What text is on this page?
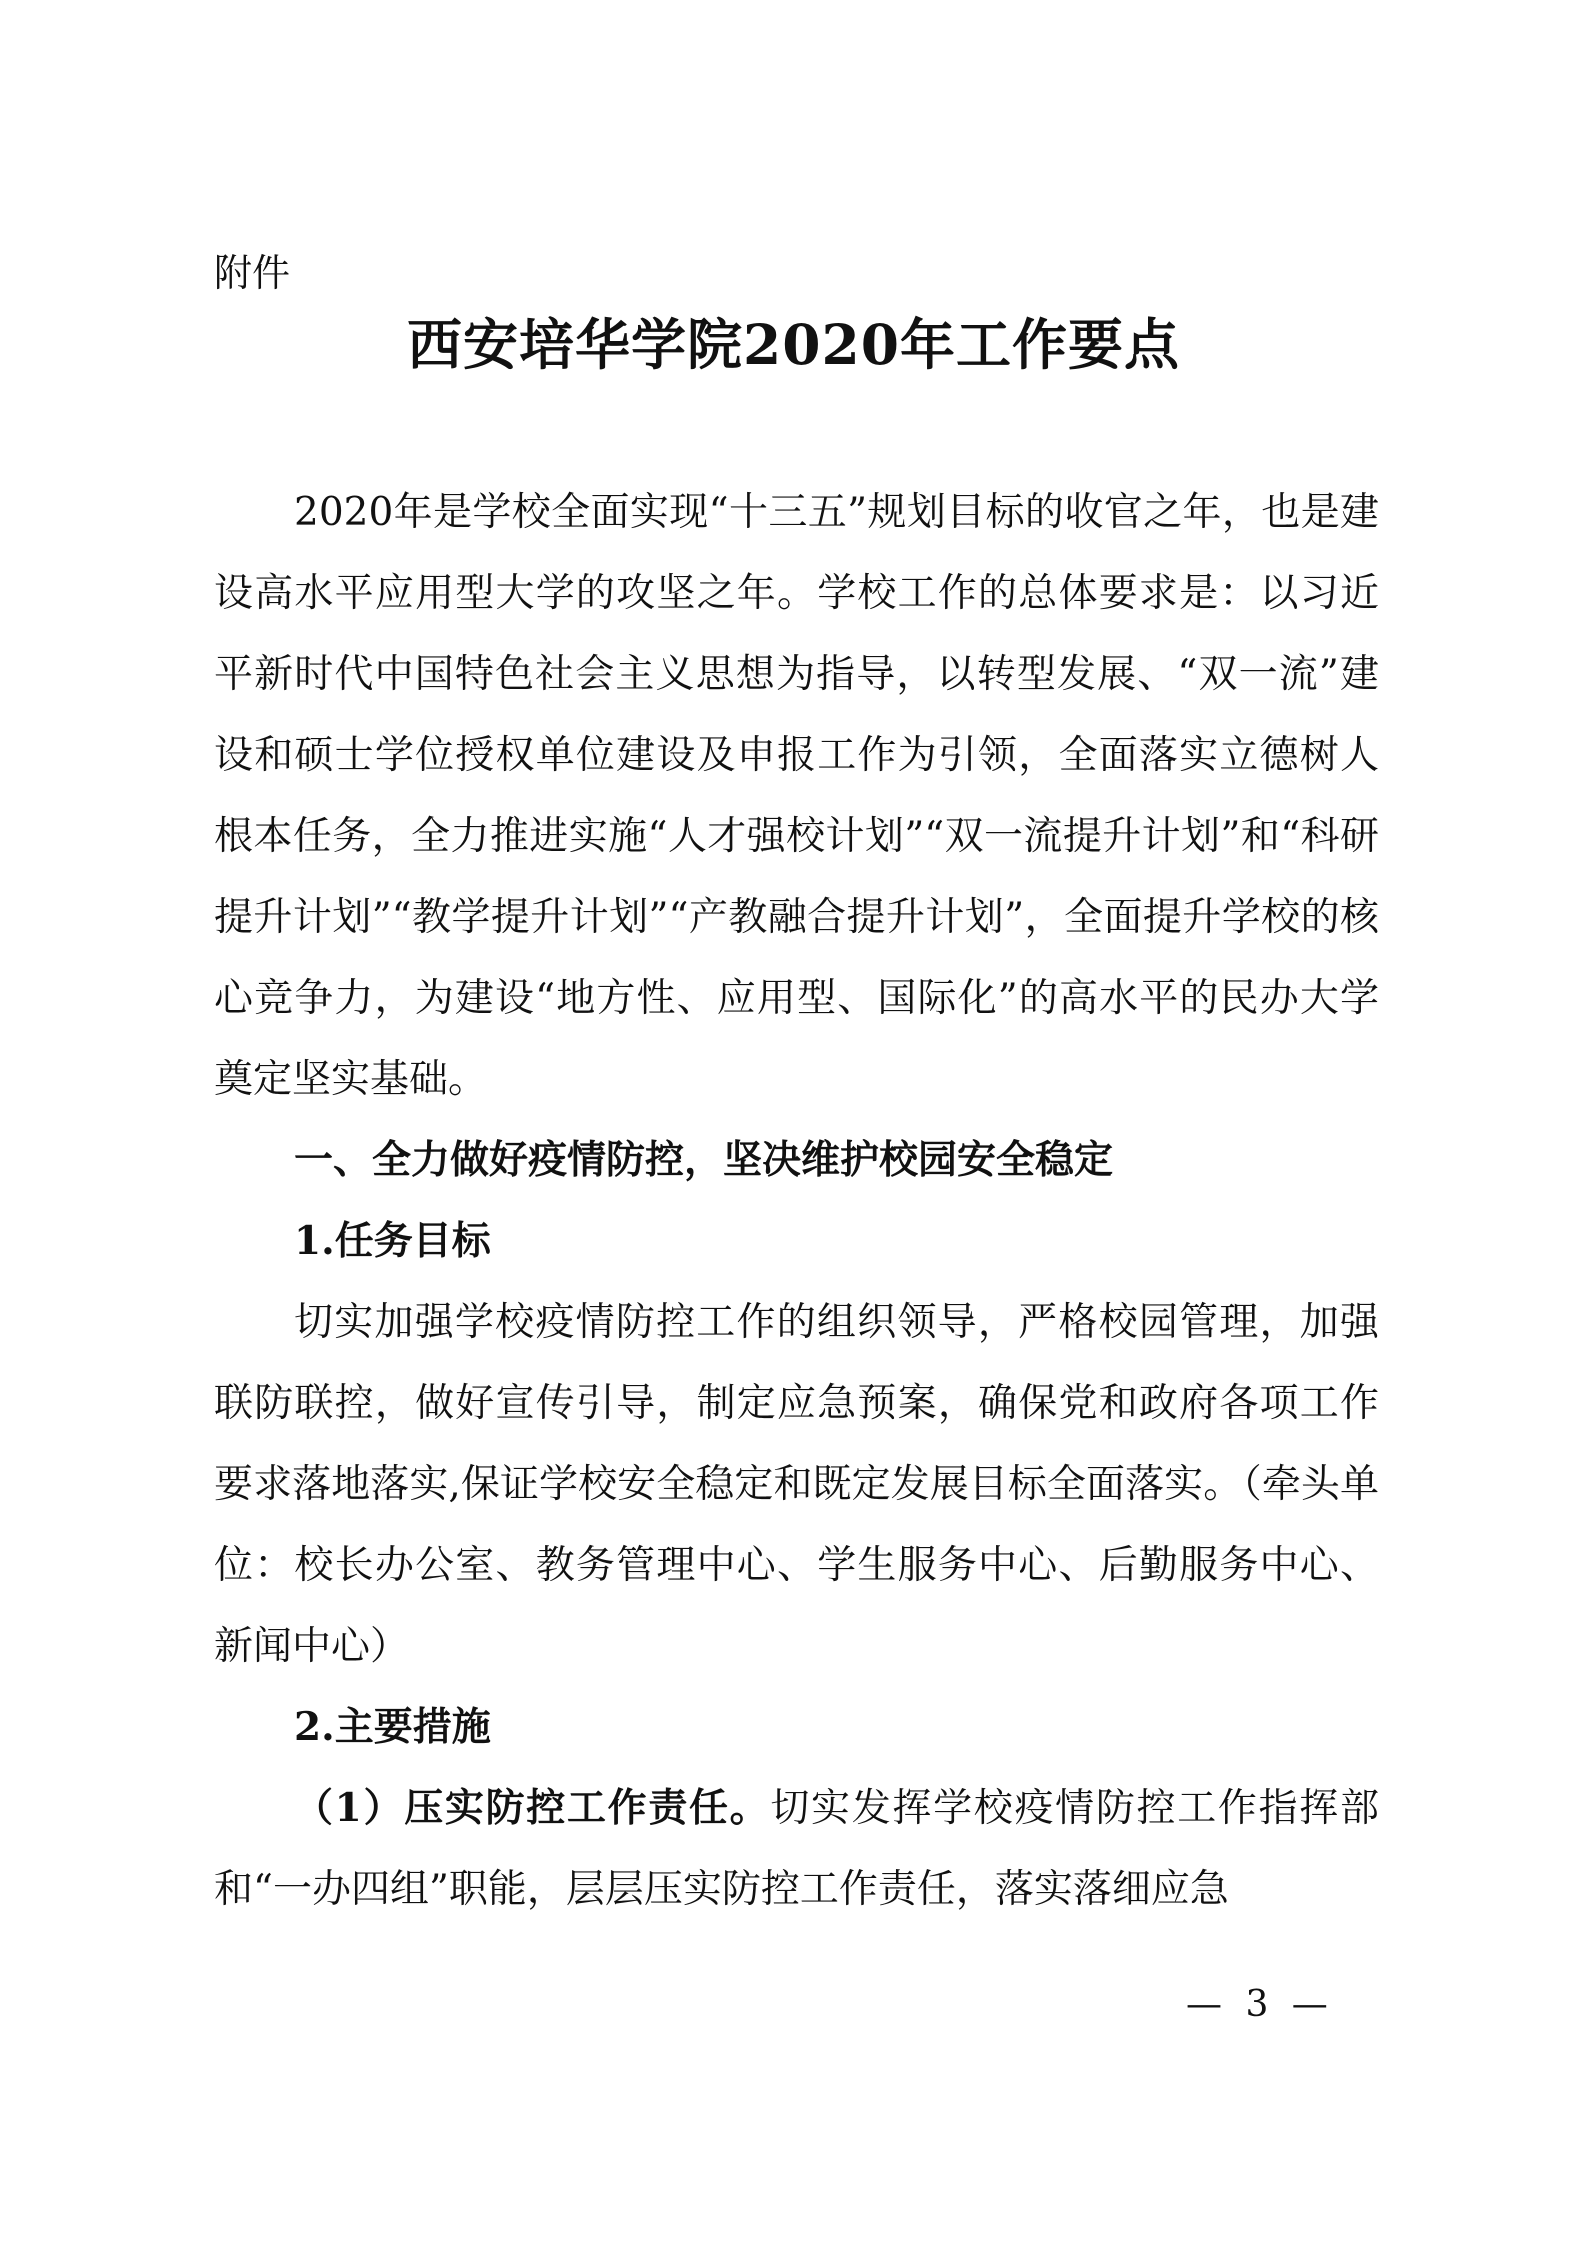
附件

西安培华学院2020年工作要点

2020年是学校全面实现“十三五”规划目标的收官之年，也是建设高水平应用型大学的攻坚之年。学校工作的总体要求是：以习近平新时代中国特色社会主义思想为指导，以转型发展、“双一流”建设和硕士学位授权单位建设及申报工作为引领，全面落实立德树人根本任务，全力推进实施“人才强校计划”“双一流提升计划”和“科研提升计划”“教学提升计划”“产教融合提升计划”，全面提升学校的核心竞争力，为建设“地方性、应用型、国际化”的高水平的民办大学奠定坚实基础。

一、全力做好疫情防控，坚决维护校园安全稳定

1.任务目标

切实加强学校疫情防控工作的组织领导，严格校园管理，加强联防联控，做好宣传引导，制定应急预案，确保党和政府各项工作要求落地落实,保证学校安全稳定和既定发展目标全面落实。（牵头单位：校长办公室、教务管理中心、学生服务中心、后勤服务中心、新闻中心）

2.主要措施

（1）压实防控工作责任。切实发挥学校疫情防控工作指挥部和“一办四组”职能，层层压实防控工作责任，落实落细应急

— 3 —
